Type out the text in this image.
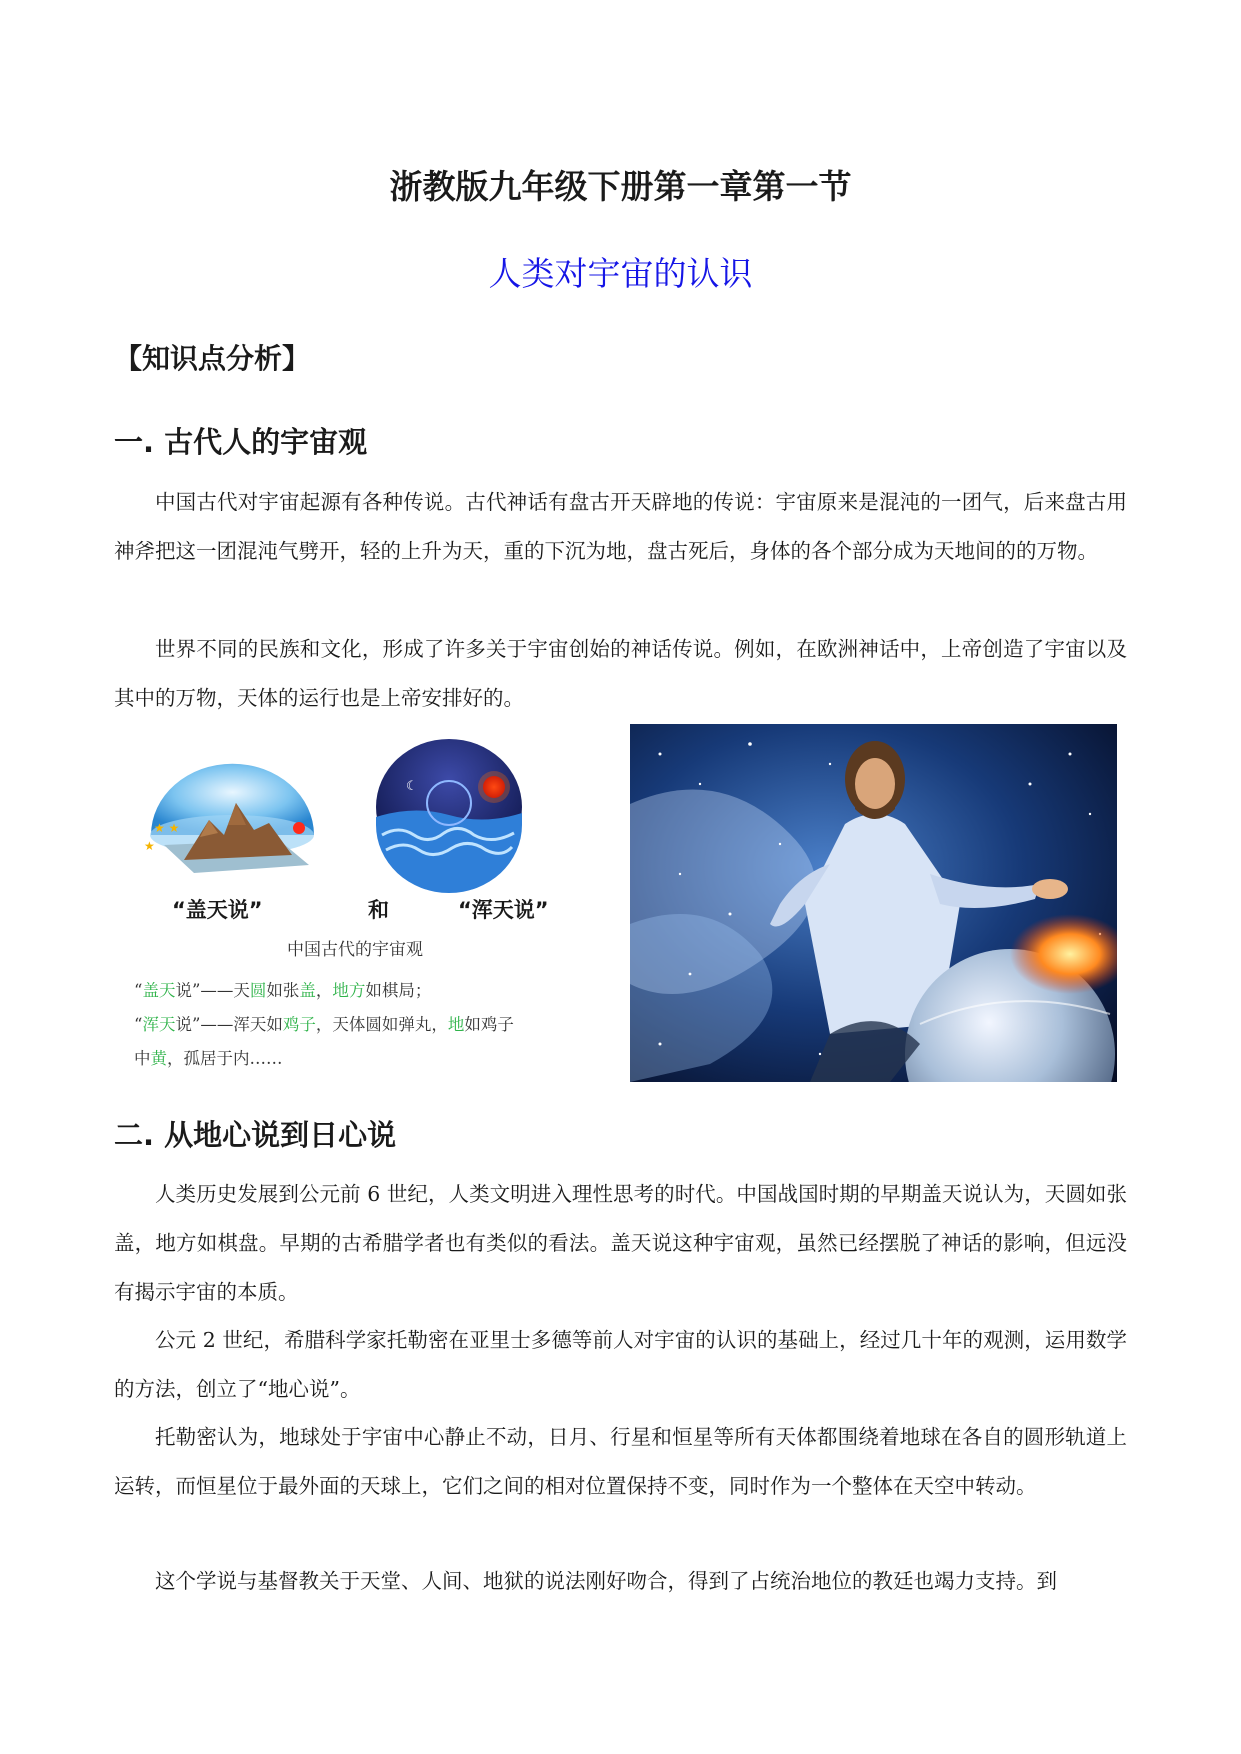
浙教版九年级下册第一章第一节
人类对宇宙的认识
【知识点分析】
一. 古代人的宇宙观

中国古代对宇宙起源有各种传说。古代神话有盘古开天辟地的传说：宇宙原来是混沌的一团气，后来盘古用神斧把这一团混沌气劈开，轻的上升为天，重的下沉为地，盘古死后，身体的各个部分成为天地间的的万物。

世界不同的民族和文化，形成了许多关于宇宙创始的神话传说。例如，在欧洲神话中，上帝创造了宇宙以及其中的万物，天体的运行也是上帝安排好的。

★ ★
★
☾
“盖天说”	和	“浑天说”
中国古代的宇宙观
“盖天说”——天圆如张盖，地方如棋局；
“浑天说”——浑天如鸡子，天体圆如弹丸，地如鸡子
中黄，孤居于内……
二. 从地心说到日心说

人类历史发展到公元前 6 世纪，人类文明进入理性思考的时代。中国战国时期的早期盖天说认为，天圆如张盖，地方如棋盘。早期的古希腊学者也有类似的看法。盖天说这种宇宙观，虽然已经摆脱了神话的影响，但远没有揭示宇宙的本质。

公元 2 世纪，希腊科学家托勒密在亚里士多德等前人对宇宙的认识的基础上，经过几十年的观测，运用数学的方法，创立了“地心说”。

托勒密认为，地球处于宇宙中心静止不动，日月、行星和恒星等所有天体都围绕着地球在各自的圆形轨道上运转，而恒星位于最外面的天球上，它们之间的相对位置保持不变，同时作为一个整体在天空中转动。

这个学说与基督教关于天堂、人间、地狱的说法刚好吻合，得到了占统治地位的教廷也竭力支持。到
